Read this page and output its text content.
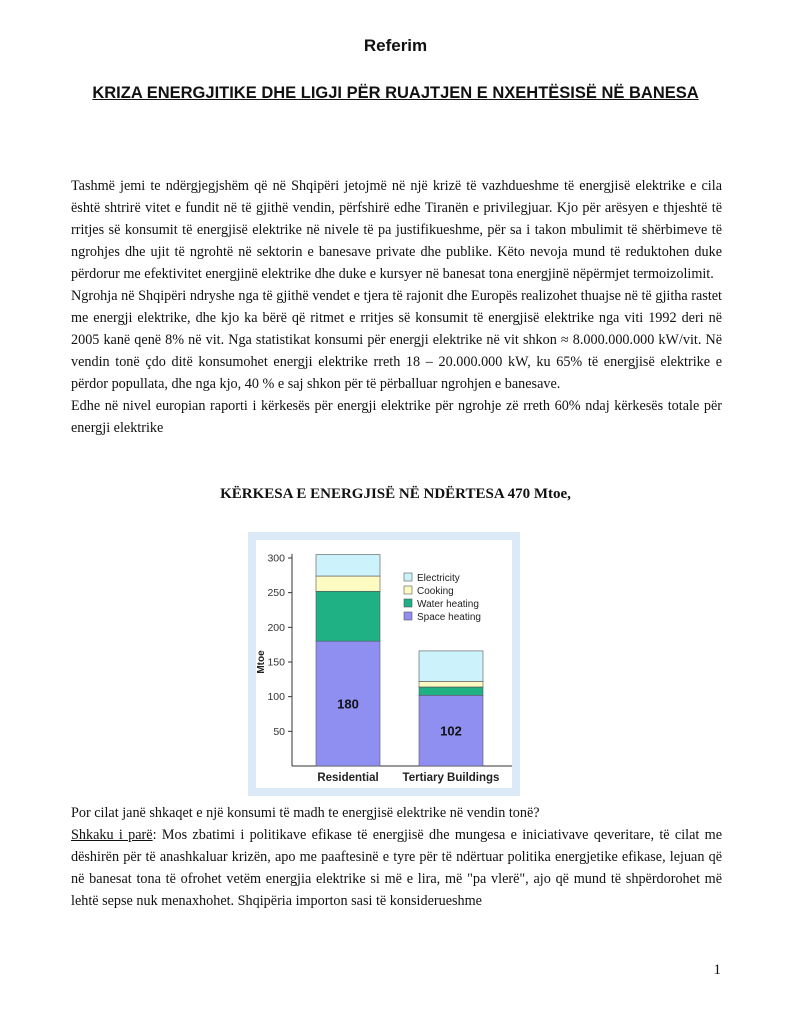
Referim
KRIZA ENERGJITIKE DHE LIGJI PËR RUAJTJEN E NXEHTËSISË NË BANESA

Tashmë jemi te ndërgjegjshëm që në Shqipëri jetojmë në një krizë të vazhdueshme të energjisë elektrike e cila është shtrirë vitet e fundit në të gjithë vendin, përfshirë edhe Tiranën e privilegjuar. Kjo për arësyen e thjeshtë të rritjes së konsumit të energjisë elektrike në nivele të pa justifikueshme, për sa i takon mbulimit të shërbimeve të ngrohjes dhe ujit të ngrohtë në sektorin e banesave private dhe publike. Këto nevoja mund të reduktohen duke përdorur me efektivitet energjinë elektrike dhe duke e kursyer në banesat tona energjinë nëpërmjet termoizolimit.

Ngrohja në Shqipëri ndryshe nga të gjithë vendet e tjera të rajonit dhe Europës realizohet thuajse në të gjitha rastet me energji elektrike, dhe kjo ka bërë që ritmet e rritjes së konsumit të energjisë elektrike nga viti 1992 deri në 2005 kanë qenë 8% në vit. Nga statistikat konsumi për energji elektrike në vit shkon ≈ 8.000.000.000 kW/vit. Në vendin tonë çdo ditë konsumohet energji elektrike rreth 18 – 20.000.000 kW, ku 65% të energjisë elektrike e përdor popullata, dhe nga kjo, 40 % e saj shkon për të përballuar ngrohjen e banesave.

Edhe në nivel europian raporti i kërkesës për energji elektrike për ngrohje zë rreth 60% ndaj kërkesës totale për energji elektrike

KËRKESA E ENERGJISË NË NDËRTESA 470 Mtoe,
50
100
150
200
250
300
Mtoe
180
Residential
102
Tertiary Buildings
Electricity
Cooking
Water heating
Space heating

Por cilat janë shkaqet e një konsumi të madh te energjisë elektrike në vendin tonë?

Shkaku i parë: Mos zbatimi i politikave efikase të energjisë dhe mungesa e iniciativave qeveritare, të cilat me dëshirën për të anashkaluar krizën, apo me paaftesinë e tyre për të ndërtuar politika energjetike efikase, lejuan që në banesat tona të ofrohet vetëm energjia elektrike si më e lira, më "pa vlerë", ajo që mund të shpërdorohet më lehtë sepse nuk menaxhohet. Shqipëria importon sasi të konsiderueshme

1
